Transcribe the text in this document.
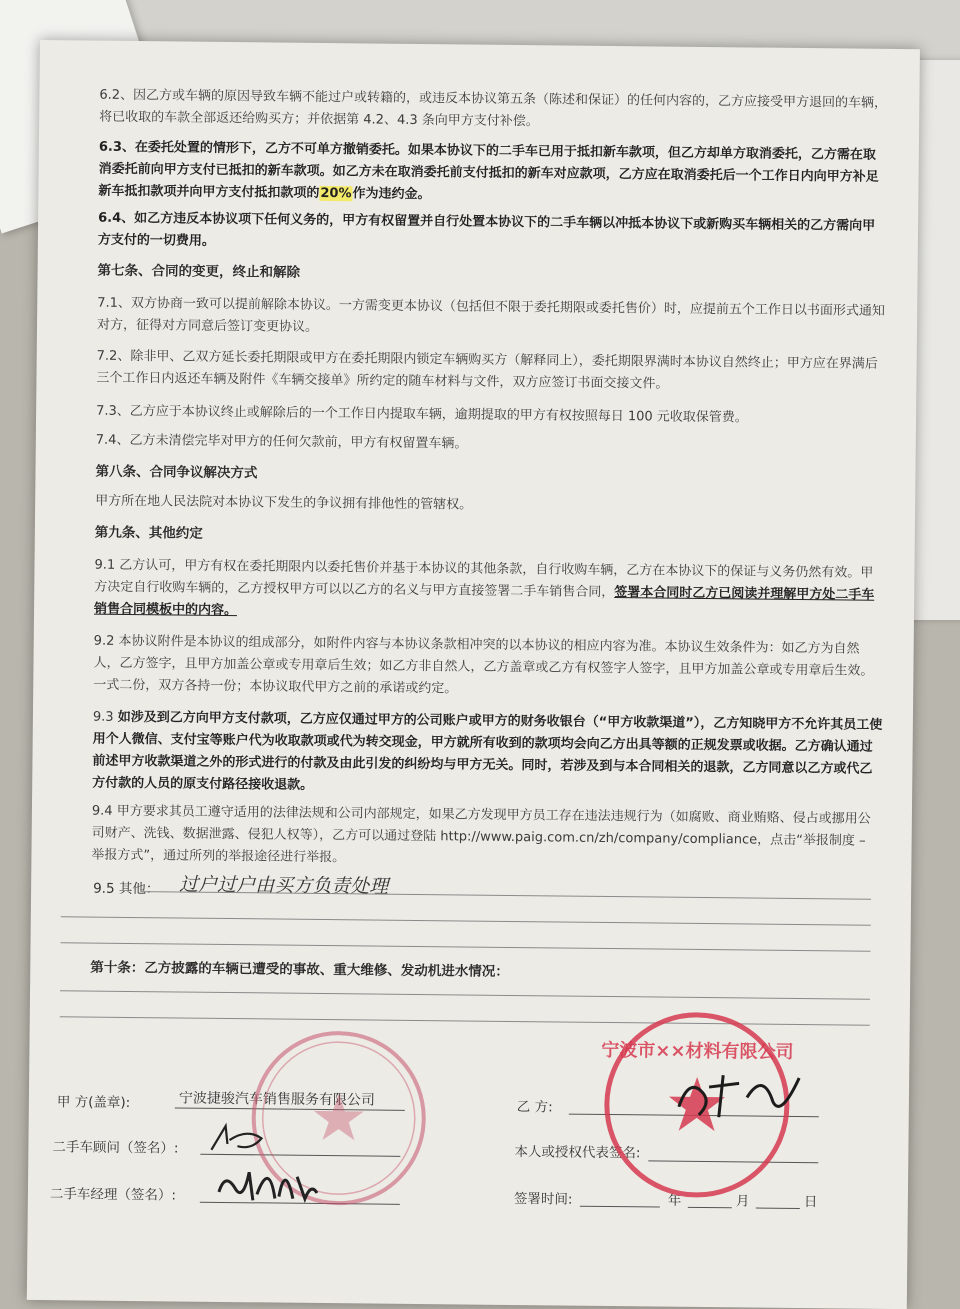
6.2、因乙方或车辆的原因导致车辆不能过户或转籍的，或违反本协议第五条（陈述和保证）的任何内容的，乙方应接受甲方退回的车辆，将已收取的车款全部返还给购买方；并依据第 4.2、4.3 条向甲方支付补偿。
6.3、在委托处置的情形下，乙方不可单方撤销委托。如果本协议下的二手车已用于抵扣新车款项，但乙方却单方取消委托，乙方需在取消委托前向甲方支付已抵扣的新车款项。如乙方未在取消委托前支付抵扣的新车对应款项，乙方应在取消委托后一个工作日内向甲方补足新车抵扣款项并向甲方支付抵扣款项的20%作为违约金。
6.4、如乙方违反本协议项下任何义务的，甲方有权留置并自行处置本协议下的二手车辆以冲抵本协议下或新购买车辆相关的乙方需向甲方支付的一切费用。
第七条、合同的变更，终止和解除
7.1、双方协商一致可以提前解除本协议。一方需变更本协议（包括但不限于委托期限或委托售价）时，应提前五个工作日以书面形式通知对方，征得对方同意后签订变更协议。
7.2、除非甲、乙双方延长委托期限或甲方在委托期限内锁定车辆购买方（解释同上），委托期限界满时本协议自然终止；甲方应在界满后三个工作日内返还车辆及附件《车辆交接单》所约定的随车材料与文件，双方应签订书面交接文件。
7.3、乙方应于本协议终止或解除后的一个工作日内提取车辆，逾期提取的甲方有权按照每日 100 元收取保管费。
7.4、乙方未清偿完毕对甲方的任何欠款前，甲方有权留置车辆。
第八条、合同争议解决方式
甲方所在地人民法院对本协议下发生的争议拥有排他性的管辖权。
第九条、其他约定
9.1 乙方认可，甲方有权在委托期限内以委托售价并基于本协议的其他条款，自行收购车辆，乙方在本协议下的保证与义务仍然有效。甲方决定自行收购车辆的，乙方授权甲方可以以乙方的名义与甲方直接签署二手车销售合同，签署本合同时乙方已阅读并理解甲方处二手车销售合同模板中的内容。
9.2 本协议附件是本协议的组成部分，如附件内容与本协议条款相冲突的以本协议的相应内容为准。本协议生效条件为：如乙方为自然人，乙方签字，且甲方加盖公章或专用章后生效；如乙方非自然人，乙方盖章或乙方有权签字人签字，且甲方加盖公章或专用章后生效。一式二份，双方各持一份；本协议取代甲方之前的承诺或约定。
9.3 如涉及到乙方向甲方支付款项，乙方应仅通过甲方的公司账户或甲方的财务收银台（“甲方收款渠道”），乙方知晓甲方不允许其员工使用个人微信、支付宝等账户代为收取款项或代为转交现金，甲方就所有收到的款项均会向乙方出具等额的正规发票或收据。乙方确认通过前述甲方收款渠道之外的形式进行的付款及由此引发的纠纷均与甲方无关。同时，若涉及到与本合同相关的退款，乙方同意以乙方或代乙方付款的人员的原支付路径接收退款。
9.4 甲方要求其员工遵守适用的法律法规和公司内部规定，如果乙方发现甲方员工存在违法违规行为（如腐败、商业贿赂、侵占或挪用公司财产、洗钱、数据泄露、侵犯人权等），乙方可以通过登陆 http://www.paig.com.cn/zh/company/compliance，点击“举报制度 – 举报方式”，通过所列的举报途径进行举报。
9.5 其他： 过户过户由买方负责处理
第十条：乙方披露的车辆已遭受的事故、重大维修、发动机进水情况：
甲 方(盖章):	宁波捷骏汽车销售服务有限公司
二手车顾问（签名）:
二手车经理（签名）:
乙 方:
本人或授权代表签名:
签署时间:	年	月	日
宁波市××材料有限公司
